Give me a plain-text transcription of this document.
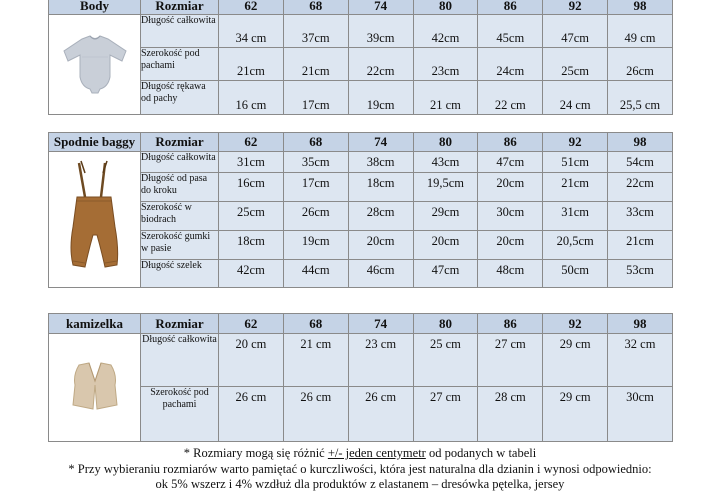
Body	Rozmiar	62	68	74	80	86	92	98
	Długość całkowita	34 cm	37cm	39cm	42cm	45cm	47cm	49 cm
	Szerokość pod pachami	21cm	21cm	22cm	23cm	24cm	25cm	26cm
	Długość rękawa od pachy	16 cm	17cm	19cm	21 cm	22 cm	24 cm	25,5 cm
Spodnie baggy	Rozmiar	62	68	74	80	86	92	98
	Długość całkowita	31cm	35cm	38cm	43cm	47cm	51cm	54cm
	Długość od pasa do kroku	16cm	17cm	18cm	19,5cm	20cm	21cm	22cm
	Szerokość w biodrach	25cm	26cm	28cm	29cm	30cm	31cm	33cm
	Szerokość gumki w pasie	18cm	19cm	20cm	20cm	20cm	20,5cm	21cm
	Długość szelek	42cm	44cm	46cm	47cm	48cm	50cm	53cm
kamizelka	Rozmiar	62	68	74	80	86	92	98
	Długość całkowita	20 cm	21 cm	23 cm	25 cm	27 cm	29 cm	32 cm
	Szerokość pod pachami	26 cm	26 cm	26 cm	27 cm	28 cm	29 cm	30cm
* Rozmiary mogą się różnić +/- jeden centymetr od podanych w tabeli
* Przy wybieraniu rozmiarów warto pamiętać o kurczliwości, która jest naturalna dla dzianin i wynosi odpowiednio:
ok 5% wszerz i 4% wzdłuż dla produktów z elastanem – dresówka pętelka, jersey
